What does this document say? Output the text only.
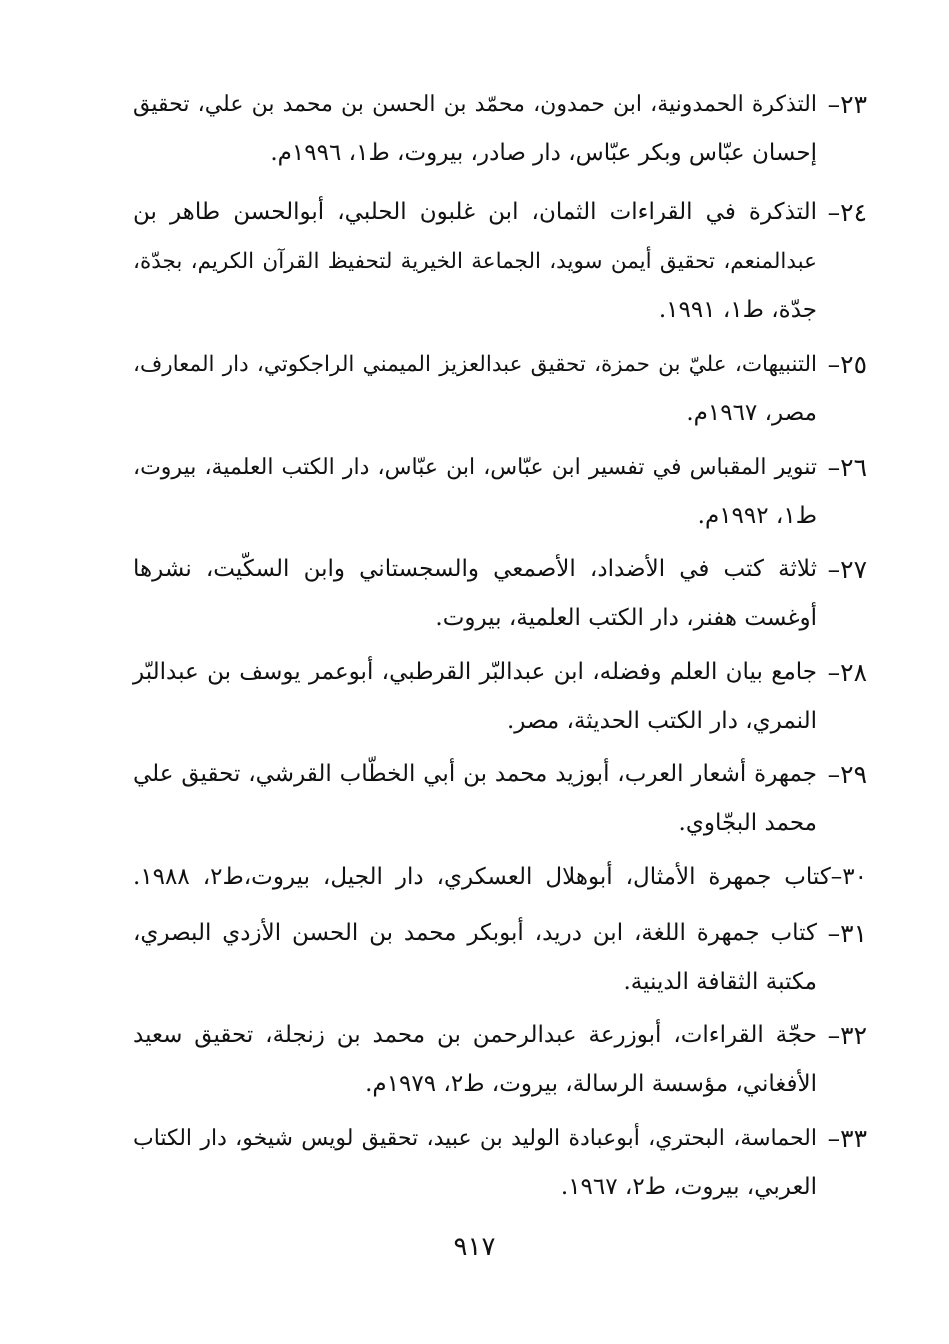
٢٣–
التذكرة الحمدونية، ابن حمدون، محمّد بن الحسن بن محمد بن علي، تحقيق
إحسان عبّاس وبكر عبّاس، دار صادر، بيروت، ط١، ١٩٩٦م.
٢٤–
التذكرة في القراءات الثمان، ابن غلبون الحلبي، أبوالحسن طاهر بن
عبدالمنعم، تحقيق أيمن سويد، الجماعة الخيرية لتحفيظ القرآن الكريم، بجدّة،
جدّة، ط١، ١٩٩١.
٢٥–
التنبيهات، عليّ بن حمزة، تحقيق عبدالعزيز الميمني الراجكوتي، دار المعارف،
مصر، ١٩٦٧م.
٢٦–
تنوير المقباس في تفسير ابن عبّاس، ابن عبّاس، دار الكتب العلمية، بيروت،
ط١، ١٩٩٢م.
٢٧–
ثلاثة كتب في الأضداد، الأصمعي والسجستاني وابن السكّيت، نشرها
أوغست هفنر، دار الكتب العلمية، بيروت.
٢٨–
جامع بيان العلم وفضله، ابن عبدالبّر القرطبي، أبوعمر يوسف بن عبدالبّر
النمري، دار الكتب الحديثة، مصر.
٢٩–
جمهرة أشعار العرب، أبوزيد محمد بن أبي الخطّاب القرشي، تحقيق علي
محمد البجّاوي.
٣٠–كتاب جمهرة الأمثال، أبوهلال العسكري، دار الجيل، بيروت،ط٢، ١٩٨٨.
٣١–
كتاب جمهرة اللغة، ابن دريد، أبوبكر محمد بن الحسن الأزدي البصري،
مكتبة الثقافة الدينية.
٣٢–
حجّة القراءات، أبوزرعة عبدالرحمن بن محمد بن زنجلة، تحقيق سعيد
الأفغاني، مؤسسة الرسالة، بيروت، ط٢، ١٩٧٩م.
٣٣–
الحماسة، البحتري، أبوعبادة الوليد بن عبيد، تحقيق لويس شيخو، دار الكتاب
العربي، بيروت، ط٢، ١٩٦٧.
٩١٧
